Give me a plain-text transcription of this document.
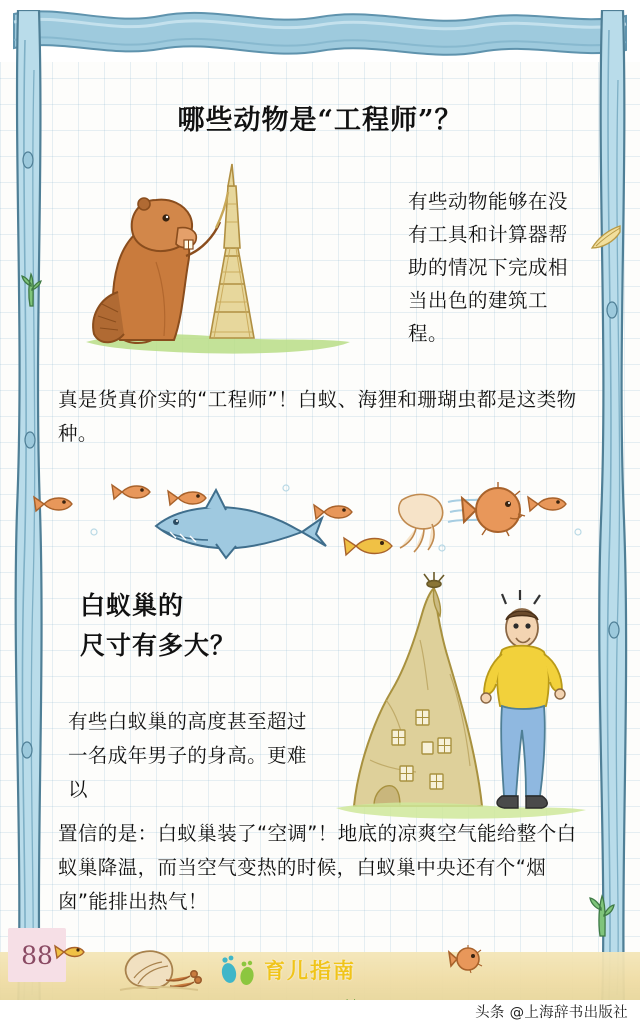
哪些动物是“工程师”？
有些动物能够在没有工具和计算器帮助的情况下完成相当出色的建筑工程。
真是货真价实的“工程师”！白蚁、海狸和珊瑚虫都是这类物种。
白蚁巢的
尺寸有多大？
有些白蚁巢的高度甚至超过一名成年男子的身高。更难以
置信的是：白蚁巢装了“空调”！地底的凉爽空气能给整个白蚁巢降温，而当空气变热的时候，白蚁巢中央还有个“烟囱”能排出热气！
88
育儿指南
头条 @上海辞书出版社
